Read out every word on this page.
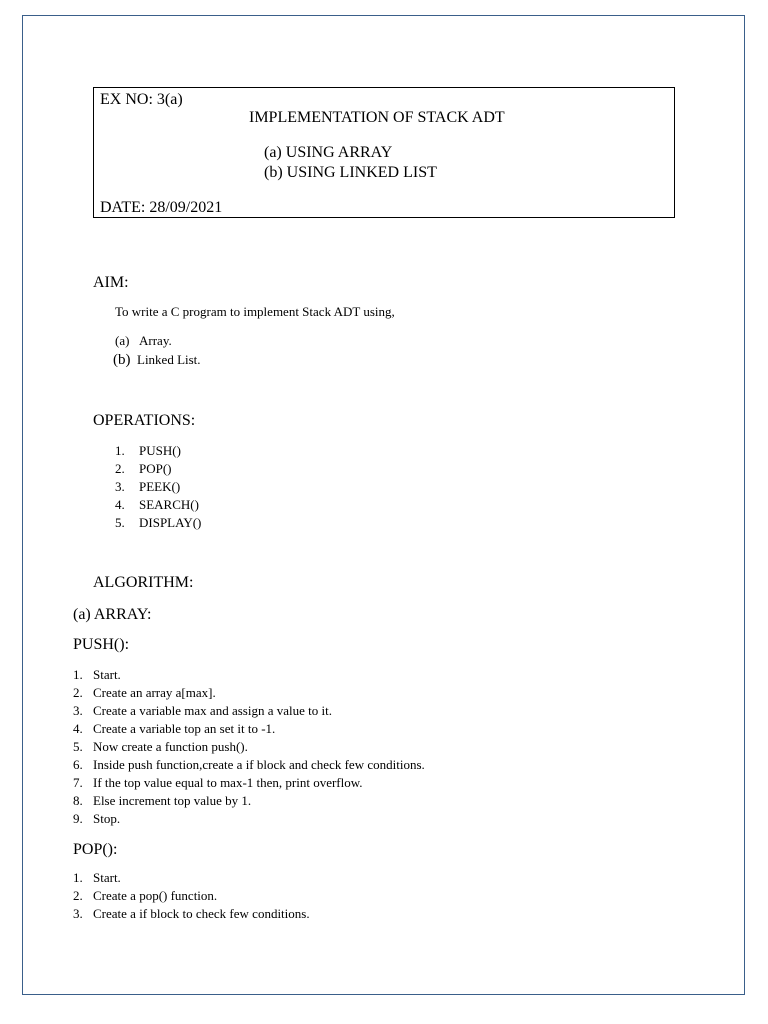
EX NO: 3(a)
IMPLEMENTATION OF STACK ADT
(a) USING ARRAY
(b) USING LINKED LIST
DATE: 28/09/2021
AIM:
To write a C program to implement Stack ADT using,
(a) Array.
(b) Linked List.
OPERATIONS:
1. PUSH()
2. POP()
3. PEEK()
4. SEARCH()
5. DISPLAY()
ALGORITHM:
(a) ARRAY:
PUSH():
1. Start.
2. Create an array a[max].
3. Create a variable max and assign a value to it.
4. Create a variable top an set it to -1.
5. Now create a function push().
6. Inside push function,create a if block and check few conditions.
7. If the top value equal to max-1 then, print overflow.
8. Else increment top value by 1.
9. Stop.
POP():
1. Start.
2. Create a pop() function.
3. Create a if block to check few conditions.
